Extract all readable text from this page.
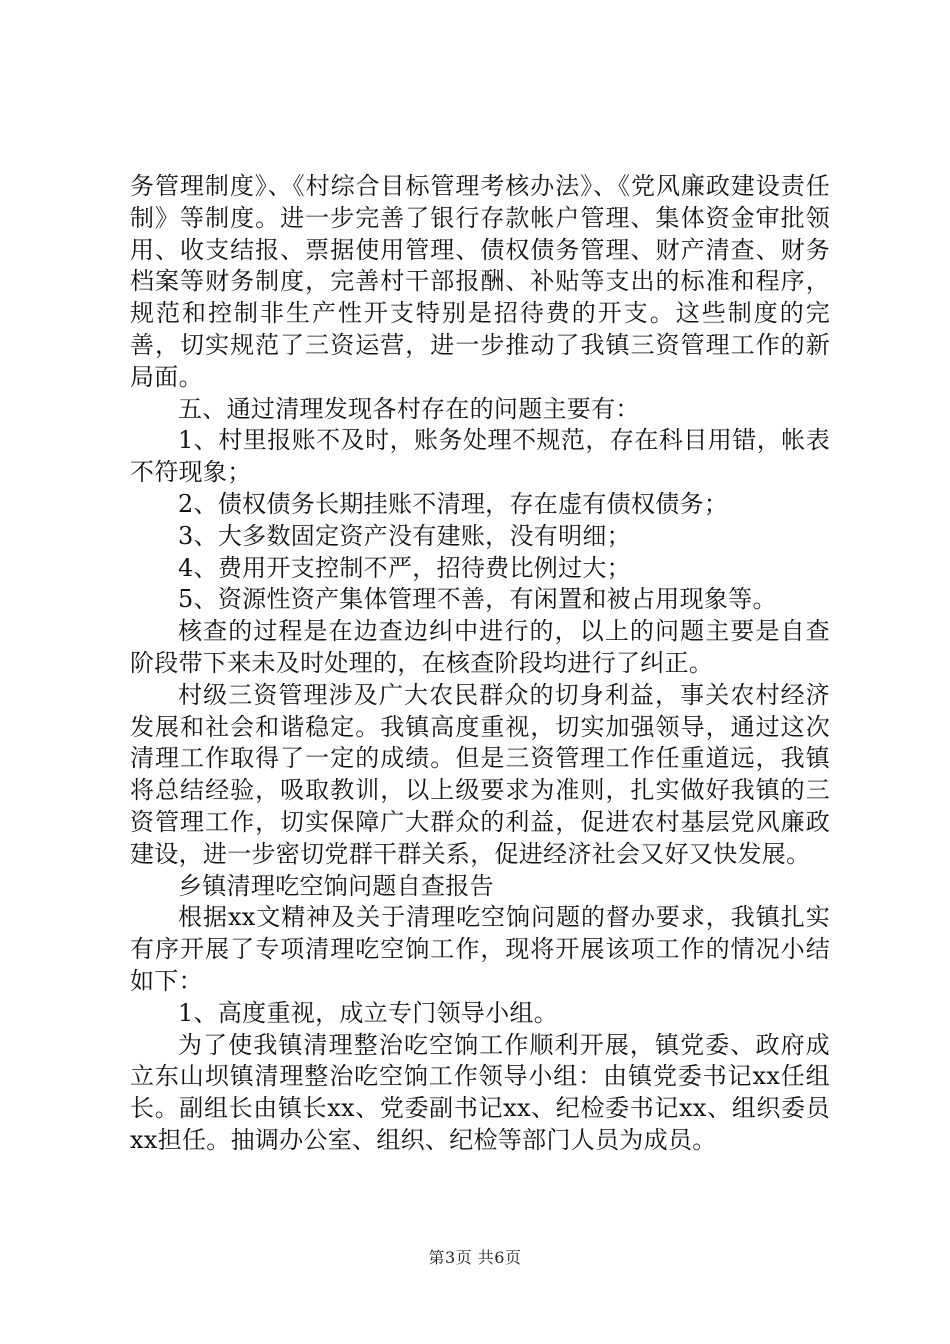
务管理制度》、《村综合目标管理考核办法》、《党风廉政建设责任制》等制度。进一步完善了银行存款帐户管理、集体资金审批领用、收支结报、票据使用管理、债权债务管理、财产清查、财务档案等财务制度，完善村干部报酬、补贴等支出的标准和程序，规范和控制非生产性开支特别是招待费的开支。这些制度的完善，切实规范了三资运营，进一步推动了我镇三资管理工作的新局面。

五、通过清理发现各村存在的问题主要有：

1、村里报账不及时，账务处理不规范，存在科目用错，帐表不符现象；

2、债权债务长期挂账不清理，存在虚有债权债务；

3、大多数固定资产没有建账，没有明细；

4、费用开支控制不严，招待费比例过大；

5、资源性资产集体管理不善，有闲置和被占用现象等。

核查的过程是在边查边纠中进行的，以上的问题主要是自查阶段带下来未及时处理的，在核查阶段均进行了纠正。

村级三资管理涉及广大农民群众的切身利益，事关农村经济发展和社会和谐稳定。我镇高度重视，切实加强领导，通过这次清理工作取得了一定的成绩。但是三资管理工作任重道远，我镇将总结经验，吸取教训，以上级要求为准则，扎实做好我镇的三资管理工作，切实保障广大群众的利益，促进农村基层党风廉政建设，进一步密切党群干群关系，促进经济社会又好又快发展。

乡镇清理吃空饷问题自查报告

根据xx文精神及关于清理吃空饷问题的督办要求，我镇扎实有序开展了专项清理吃空饷工作，现将开展该项工作的情况小结如下：

1、高度重视，成立专门领导小组。

为了使我镇清理整治吃空饷工作顺利开展，镇党委、政府成立东山坝镇清理整治吃空饷工作领导小组：由镇党委书记xx任组长。副组长由镇长xx、党委副书记xx、纪检委书记xx、组织委员xx担任。抽调办公室、组织、纪检等部门人员为成员。

第3页 共6页
